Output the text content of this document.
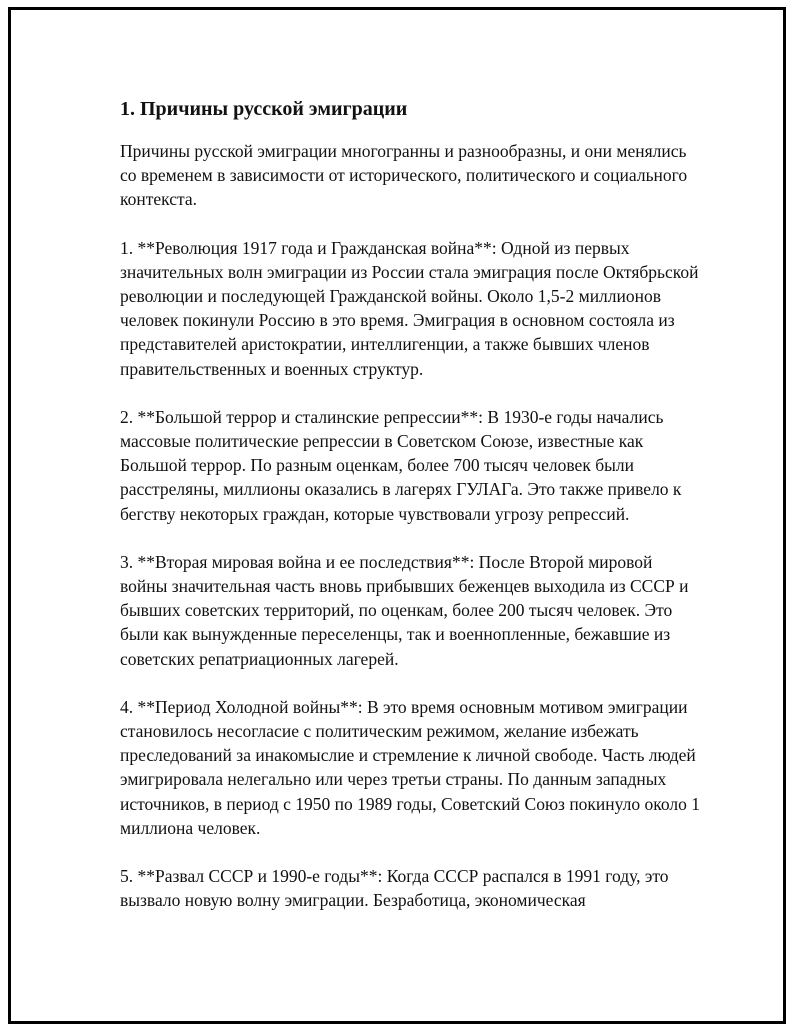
1. Причины русской эмиграции

Причины русской эмиграции многогранны и разнообразны, и они менялись со временем в зависимости от исторического, политического и социального контекста.

1. **Революция 1917 года и Гражданская война**: Одной из первых значительных волн эмиграции из России стала эмиграция после Октябрьской революции и последующей Гражданской войны. Около 1,5-2 миллионов человек покинули Россию в это время. Эмиграция в основном состояла из представителей аристократии, интеллигенции, а также бывших членов правительственных и военных структур.

2. **Большой террор и сталинские репрессии**: В 1930-е годы начались массовые политические репрессии в Советском Союзе, известные как Большой террор. По разным оценкам, более 700 тысяч человек были расстреляны, миллионы оказались в лагерях ГУЛАГа. Это также привело к бегству некоторых граждан, которые чувствовали угрозу репрессий.

3. **Вторая мировая война и ее последствия**: После Второй мировой войны значительная часть вновь прибывших беженцев выходила из СССР и бывших советских территорий, по оценкам, более 200 тысяч человек. Это были как вынужденные переселенцы, так и военнопленные, бежавшие из советских репатриационных лагерей.

4. **Период Холодной войны**: В это время основным мотивом эмиграции становилось несогласие с политическим режимом, желание избежать преследований за инакомыслие и стремление к личной свободе. Часть людей эмигрировала нелегально или через третьи страны. По данным западных источников, в период с 1950 по 1989 годы, Советский Союз покинуло около 1 миллиона человек.

5. **Развал СССР и 1990-е годы**: Когда СССР распался в 1991 году, это вызвало новую волну эмиграции. Безработица, экономическая
